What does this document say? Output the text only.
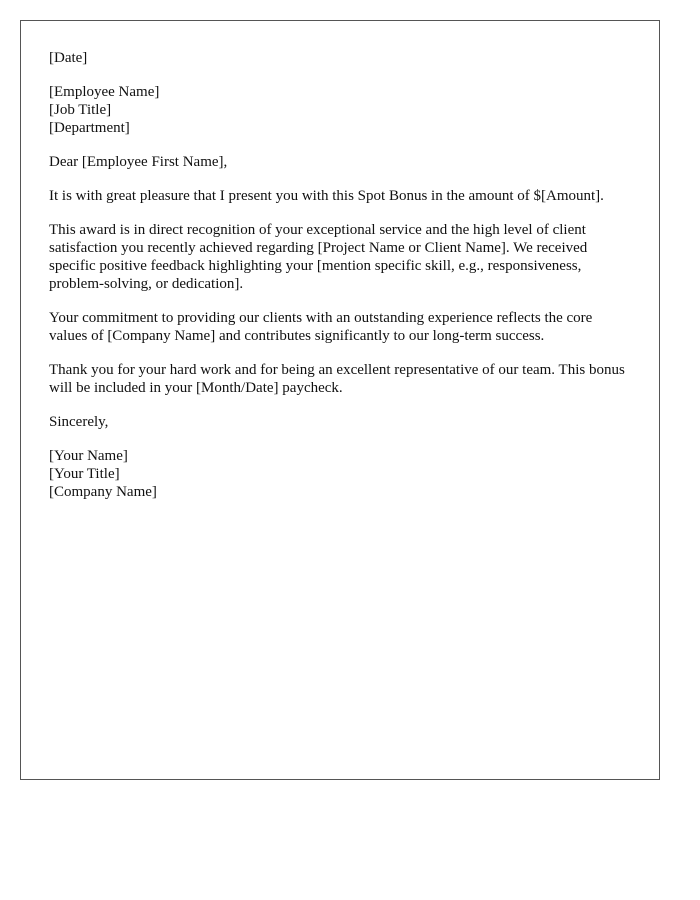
[Date]
[Employee Name]
[Job Title]
[Department]
Dear [Employee First Name],

It is with great pleasure that I present you with this Spot Bonus in the amount of $[Amount].

This award is in direct recognition of your exceptional service and the high level of client satisfaction you recently achieved regarding [Project Name or Client Name]. We received specific positive feedback highlighting your [mention specific skill, e.g., responsiveness, problem-solving, or dedication].

Your commitment to providing our clients with an outstanding experience reflects the core values of [Company Name] and contributes significantly to our long-term success.

Thank you for your hard work and for being an excellent representative of our team. This bonus will be included in your [Month/Date] paycheck.

Sincerely,
[Your Name]
[Your Title]
[Company Name]
